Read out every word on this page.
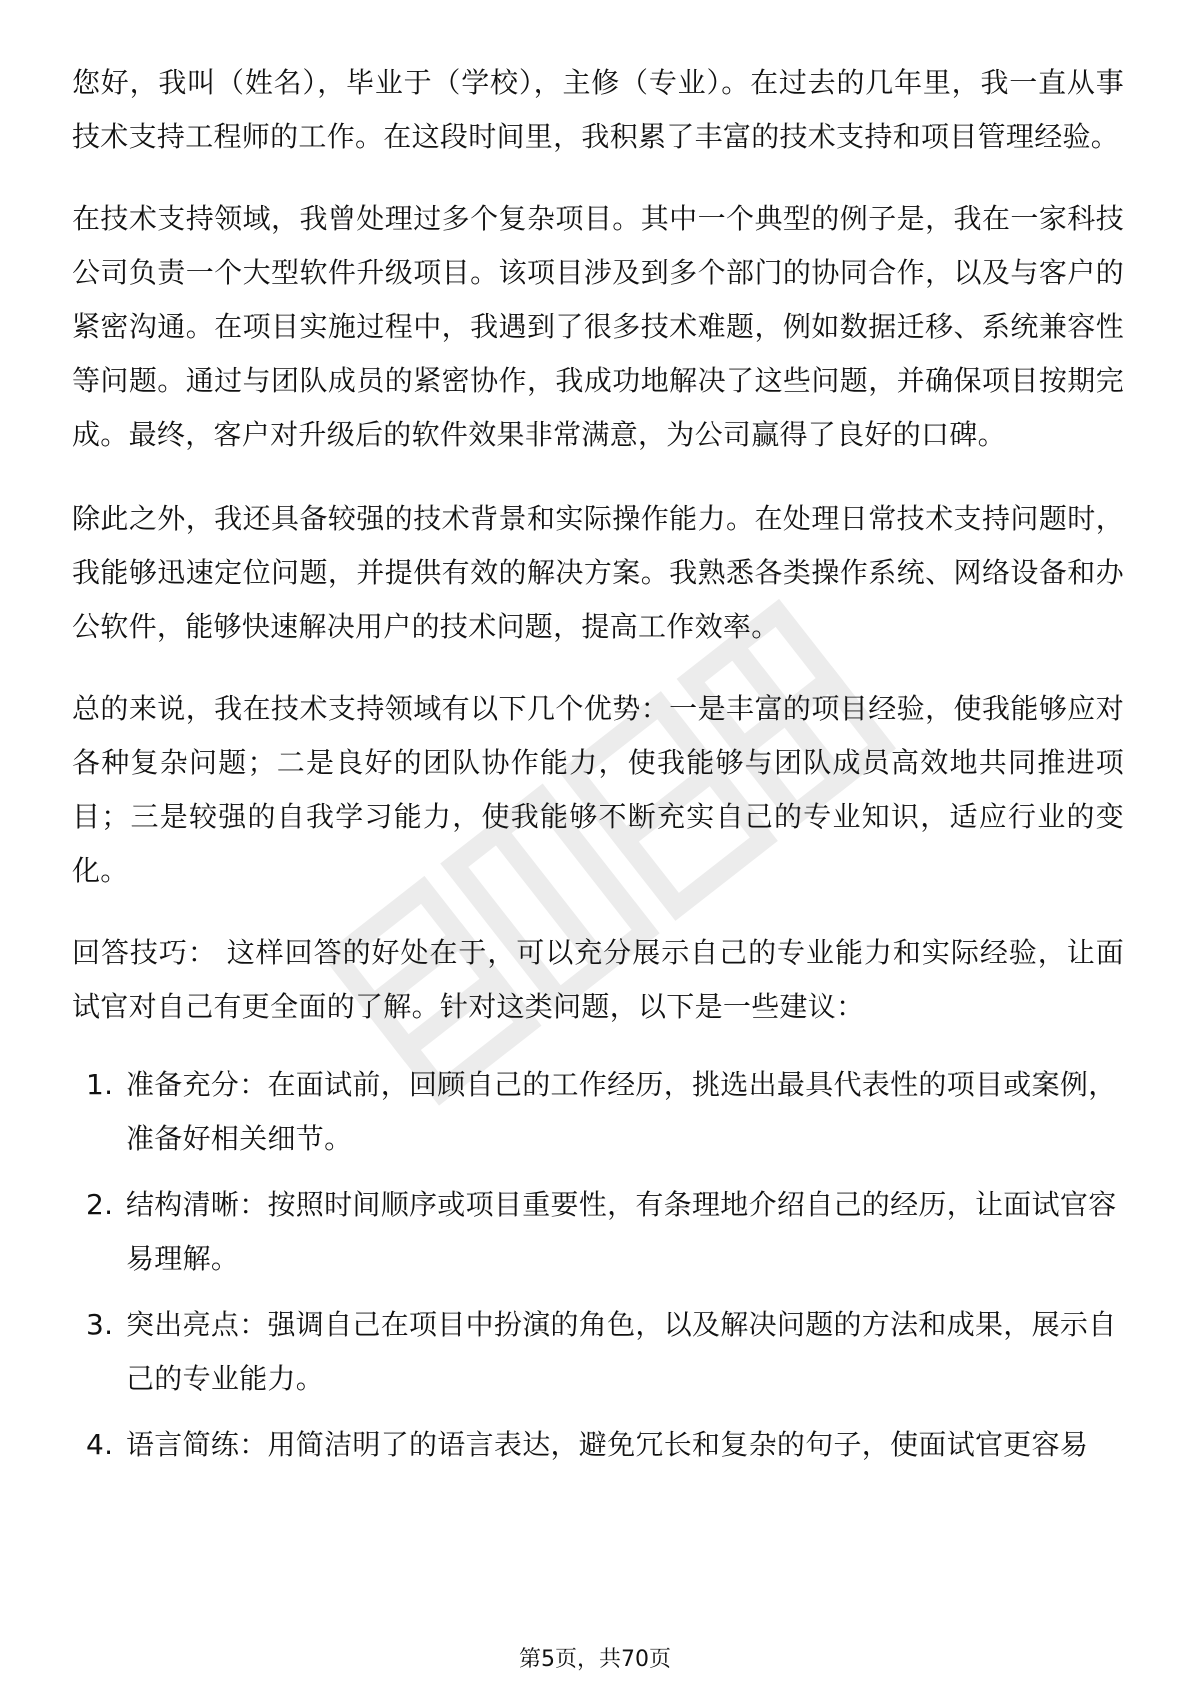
您好，我叫（姓名），毕业于（学校），主修（专业）。在过去的几年里，我一直从事技术支持工程师的工作。在这段时间里，我积累了丰富的技术支持和项目管理经验。

在技术支持领域，我曾处理过多个复杂项目。其中一个典型的例子是，我在一家科技公司负责一个大型软件升级项目。该项目涉及到多个部门的协同合作，以及与客户的紧密沟通。在项目实施过程中，我遇到了很多技术难题，例如数据迁移、系统兼容性等问题。通过与团队成员的紧密协作，我成功地解决了这些问题，并确保项目按期完成。最终，客户对升级后的软件效果非常满意，为公司赢得了良好的口碑。

除此之外，我还具备较强的技术背景和实际操作能力。在处理日常技术支持问题时，我能够迅速定位问题，并提供有效的解决方案。我熟悉各类操作系统、网络设备和办公软件，能够快速解决用户的技术问题，提高工作效率。

总的来说，我在技术支持领域有以下几个优势：一是丰富的项目经验，使我能够应对各种复杂问题；二是良好的团队协作能力，使我能够与团队成员高效地共同推进项目；三是较强的自我学习能力，使我能够不断充实自己的专业知识，适应行业的变化。

回答技巧： 这样回答的好处在于，可以充分展示自己的专业能力和实际经验，让面试官对自己有更全面的了解。针对这类问题，以下是一些建议：

1. 准备充分：在面试前，回顾自己的工作经历，挑选出最具代表性的项目或案例，准备好相关细节。
2. 结构清晰：按照时间顺序或项目重要性，有条理地介绍自己的经历，让面试官容易理解。
3. 突出亮点：强调自己在项目中扮演的角色，以及解决问题的方法和成果，展示自己的专业能力。
4. 语言简练：用简洁明了的语言表达，避免冗长和复杂的句子，使面试官更容易
第5页，共70页
